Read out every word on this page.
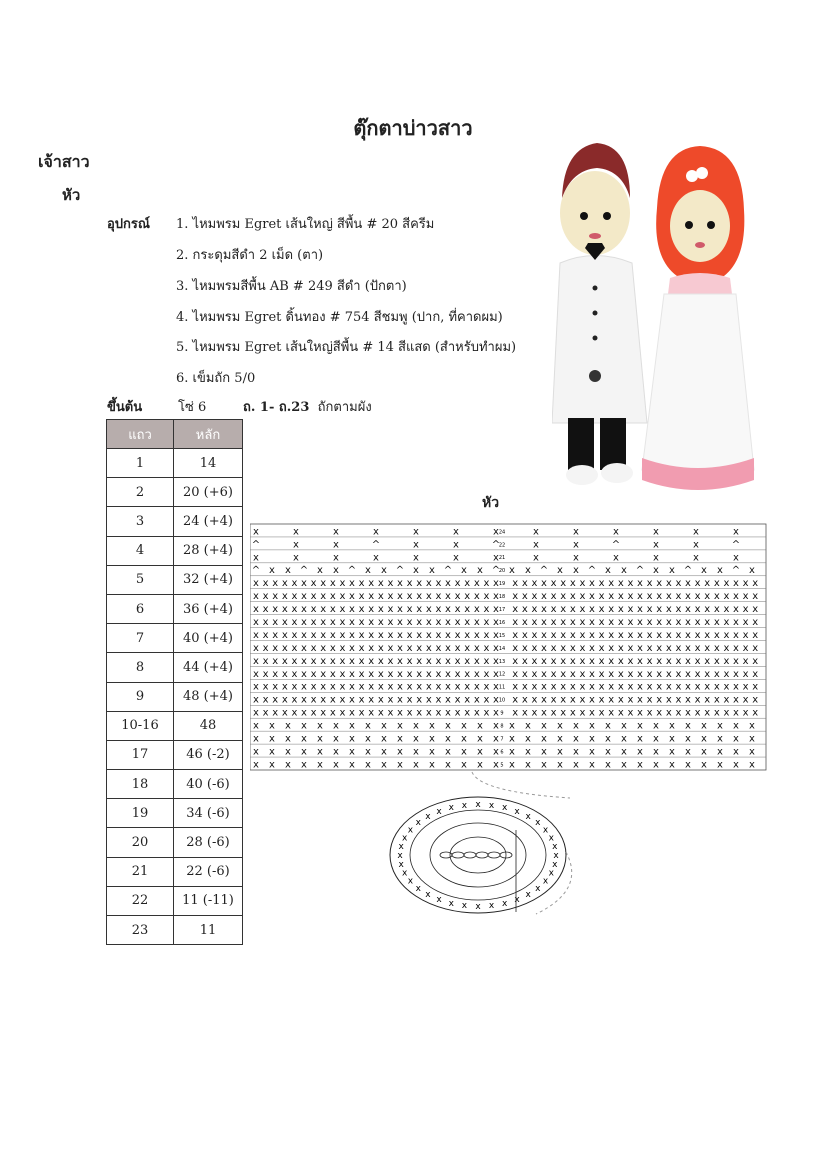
ตุ๊กตาบ่าวสาว
เจ้าสาว
หัว
อุปกรณ์ 1. ไหมพรม Egret เส้นใหญ่ สีพื้น # 20 สีครีม
2. กระดุมสีดำ 2 เม็ด (ตา)
3. ไหมพรมสีพื้น AB # 249 สีดำ (ปักตา)
4. ไหมพรม Egret ดิ้นทอง # 754 สีชมพู (ปาก, ที่คาดผม)
5. ไหมพรม Egret เส้นใหญ่สีพื้น # 14 สีแสด (สำหรับทำผม)
6. เข็มถัก 5/0
ขึ้นต้น	โซ่ 6	ถ. 1- ถ.23 ถักตามผัง
แถว	หลัก
1	14
2	20 (+6)
3	24 (+4)
4	28 (+4)
5	32 (+4)
6	36 (+4)
7	40 (+4)
8	44 (+4)
9	48 (+4)
10-16	48
17	46 (-2)
18	40 (-6)
19	34 (-6)
20	28 (-6)
21	22 (-6)
22	11 (-11)
23	11
หัว
x	x	x	x	x	x	x	x	x	x	x	x	x
^	x	x	^	x	x	^	x	x	^	x	x	^
x	x	x	x	x	x	x	x	x	x	x	x	x
^ x x ^ x x ^ x x ^ x x ^ x x ^ x x ^ x x ^ x x ^ x x ^ x x ^ x
x x x x x x x x x x x x x x x x x x x x x x x x x x x x x x x x x x x x x x x x x x x x x x x x x x x x
x x x x x x x x x x x x x x x x x x x x x x x x x x x x x x x x x x x x x x x x x x x x x x x x x x x x
x x x x x x x x x x x x x x x x x x x x x x x x x x x x x x x x x x x x x x x x x x x x x x x x x x x x
x x x x x x x x x x x x x x x x x x x x x x x x x x x x x x x x x x x x x x x x x x x x x x x x x x x x
x x x x x x x x x x x x x x x x x x x x x x x x x x x x x x x x x x x x x x x x x x x x x x x x x x x x
x x x x x x x x x x x x x x x x x x x x x x x x x x x x x x x x x x x x x x x x x x x x x x x x x x x x
x x x x x x x x x x x x x x x x x x x x x x x x x x x x x x x x x x x x x x x x x x x x x x x x x x x x
x x x x x x x x x x x x x x x x x x x x x x x x x x x x x x x x x x x x x x x x x x x x x x x x x x x x
x x x x x x x x x x x x x x x x x x x x x x x x x x x x x x x x x x x x x x x x x x x x x x x x x x x x
x x x x x x x x x x x x x x x x x x x x x x x x x x x x x x x x x x x x x x x x x x x x x x x x x x x x
x x x x x x x x x x x x x x x x x x x x x x x x x x x x x x x x x x x x x x x x x x x x x x x x x x x x
x x x x x x x x x x x x x x x x x x x x x x x x x x x x x x x x
x x x x x x x x x x x x x x x x x x x x x x x x x x x x x x x x
x x x x x x x x x x x x x x x x x x x x x x x x x x x x x x x x
x x x x x x x x x x x x x x x x x x x x x x x x x x x x x x x x
24
22
21
20
19
18
17
16
15
14
13
12
11
10
9
8
7
6
5
x
x
x
x
x
x
x
x
x
x
x
x
x
x
x
x
x
x
x
x
x
x
x
x
x x x x x x x
x
x
x
x
x
